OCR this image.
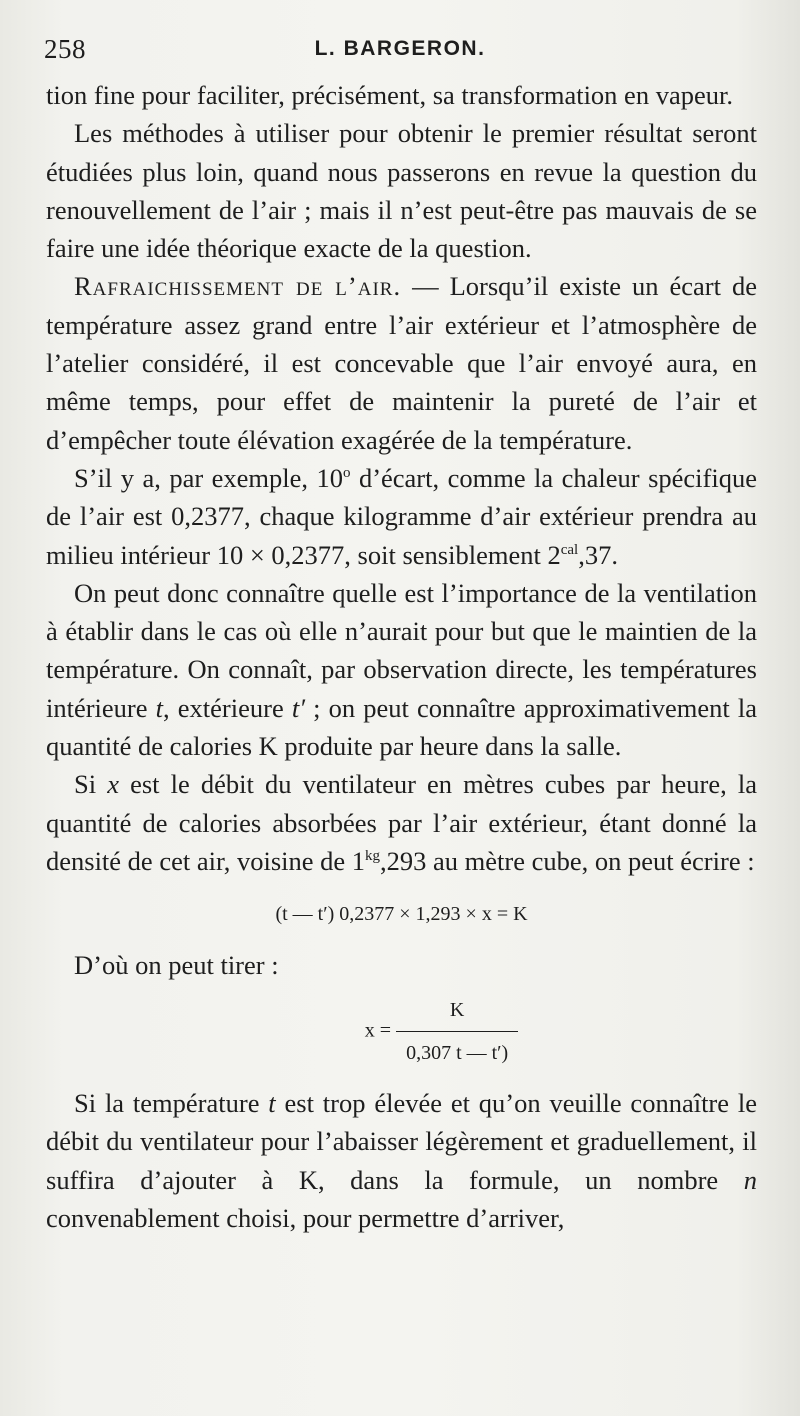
258	L. BARGERON.

tion fine pour faciliter, précisément, sa transformation en vapeur.

Les méthodes à utiliser pour obtenir le premier résultat seront étudiées plus loin, quand nous passerons en revue la question du renouvellement de l’air ; mais il n’est peut-être pas mauvais de se faire une idée théorique exacte de la question.

Rafraichissement de l’air. — Lorsqu’il existe un écart de température assez grand entre l’air extérieur et l’atmosphère de l’atelier considéré, il est concevable que l’air envoyé aura, en même temps, pour effet de maintenir la pureté de l’air et d’empêcher toute élévation exagérée de la température.

S’il y a, par exemple, 10$^o$ d’écart, comme la chaleur spécifique de l’air est 0,2377, chaque kilogramme d’air extérieur prendra au milieu intérieur 10 × 0,2377, soit sensiblement $2^{cal},37$.

On peut donc connaître quelle est l’importance de la ventilation à établir dans le cas où elle n’aurait pour but que le maintien de la température. On connaît, par observation directe, les températures intérieure t, extérieure t′ ; on peut connaître approximativement la quantité de calories K produite par heure dans la salle.

Si x est le débit du ventilateur en mètres cubes par heure, la quantité de calories absorbées par l’air extérieur, étant donné la densité de cet air, voisine de $1^{kg},293$ au mètre cube, on peut écrire :

(t — t′) 0,2377 × 1,293 × x = K

D’où on peut tirer :

$x = \frac{K}{0,307 t — t')}$

Si la température t est trop élevée et qu’on veuille connaître le débit du ventilateur pour l’abaisser légèrement et graduellement, il suffira d’ajouter à K, dans la formule, un nombre n convenablement choisi, pour permettre d’arriver,
